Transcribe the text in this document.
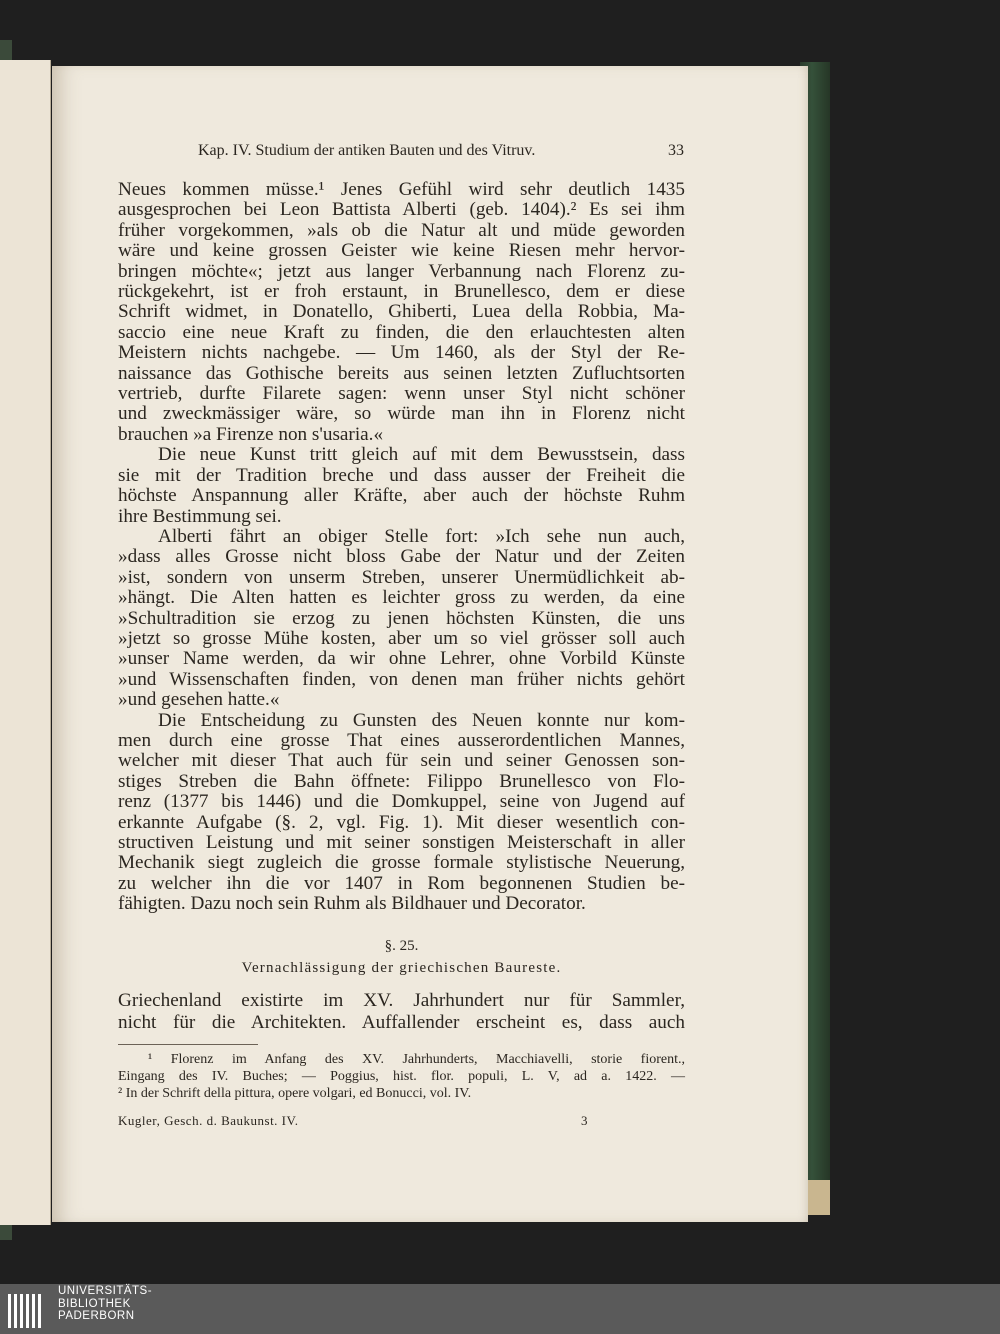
Kap. IV. Studium der antiken Bauten und des Vitruv.	33

Neues kommen müsse.¹ Jenes Gefühl wird sehr deutlich 1435

ausgesprochen bei Leon Battista Alberti (geb. 1404).² Es sei ihm

früher vorgekommen, »als ob die Natur alt und müde geworden

wäre und keine grossen Geister wie keine Riesen mehr hervor-

bringen möchte«; jetzt aus langer Verbannung nach Florenz zu-

rückgekehrt, ist er froh erstaunt, in Brunellesco, dem er diese

Schrift widmet, in Donatello, Ghiberti, Luea della Robbia, Ma-

saccio eine neue Kraft zu finden, die den erlauchtesten alten

Meistern nichts nachgebe. — Um 1460, als der Styl der Re-

naissance das Gothische bereits aus seinen letzten Zufluchtsorten

vertrieb, durfte Filarete sagen: wenn unser Styl nicht schöner

und zweckmässiger wäre, so würde man ihn in Florenz nicht

brauchen »a Firenze non s'usaria.«

Die neue Kunst tritt gleich auf mit dem Bewusstsein, dass

sie mit der Tradition breche und dass ausser der Freiheit die

höchste Anspannung aller Kräfte, aber auch der höchste Ruhm

ihre Bestimmung sei.

Alberti fährt an obiger Stelle fort: »Ich sehe nun auch,

»dass alles Grosse nicht bloss Gabe der Natur und der Zeiten

»ist, sondern von unserm Streben, unserer Unermüdlichkeit ab-

»hängt. Die Alten hatten es leichter gross zu werden, da eine

»Schultradition sie erzog zu jenen höchsten Künsten, die uns

»jetzt so grosse Mühe kosten, aber um so viel grösser soll auch

»unser Name werden, da wir ohne Lehrer, ohne Vorbild Künste

»und Wissenschaften finden, von denen man früher nichts gehört

»und gesehen hatte.«

Die Entscheidung zu Gunsten des Neuen konnte nur kom-

men durch eine grosse That eines ausserordentlichen Mannes,

welcher mit dieser That auch für sein und seiner Genossen son-

stiges Streben die Bahn öffnete: Filippo Brunellesco von Flo-

renz (1377 bis 1446) und die Domkuppel, seine von Jugend auf

erkannte Aufgabe (§. 2, vgl. Fig. 1). Mit dieser wesentlich con-

structiven Leistung und mit seiner sonstigen Meisterschaft in aller

Mechanik siegt zugleich die grosse formale stylistische Neuerung,

zu welcher ihn die vor 1407 in Rom begonnenen Studien be-

fähigten. Dazu noch sein Ruhm als Bildhauer und Decorator.

§. 25.
Vernachlässigung der griechischen Baureste.

Griechenland existirte im XV. Jahrhundert nur für Sammler,

nicht für die Architekten. Auffallender erscheint es, dass auch

¹ Florenz im Anfang des XV. Jahrhunderts, Macchiavelli, storie fiorent.,

Eingang des IV. Buches; — Poggius, hist. flor. populi, L. V, ad a. 1422. —

² In der Schrift della pittura, opere volgari, ed Bonucci, vol. IV.

Kugler, Gesch. d. Baukunst. IV.	3
UNIVERSITÄTS-
BIBLIOTHEK
PADERBORN
